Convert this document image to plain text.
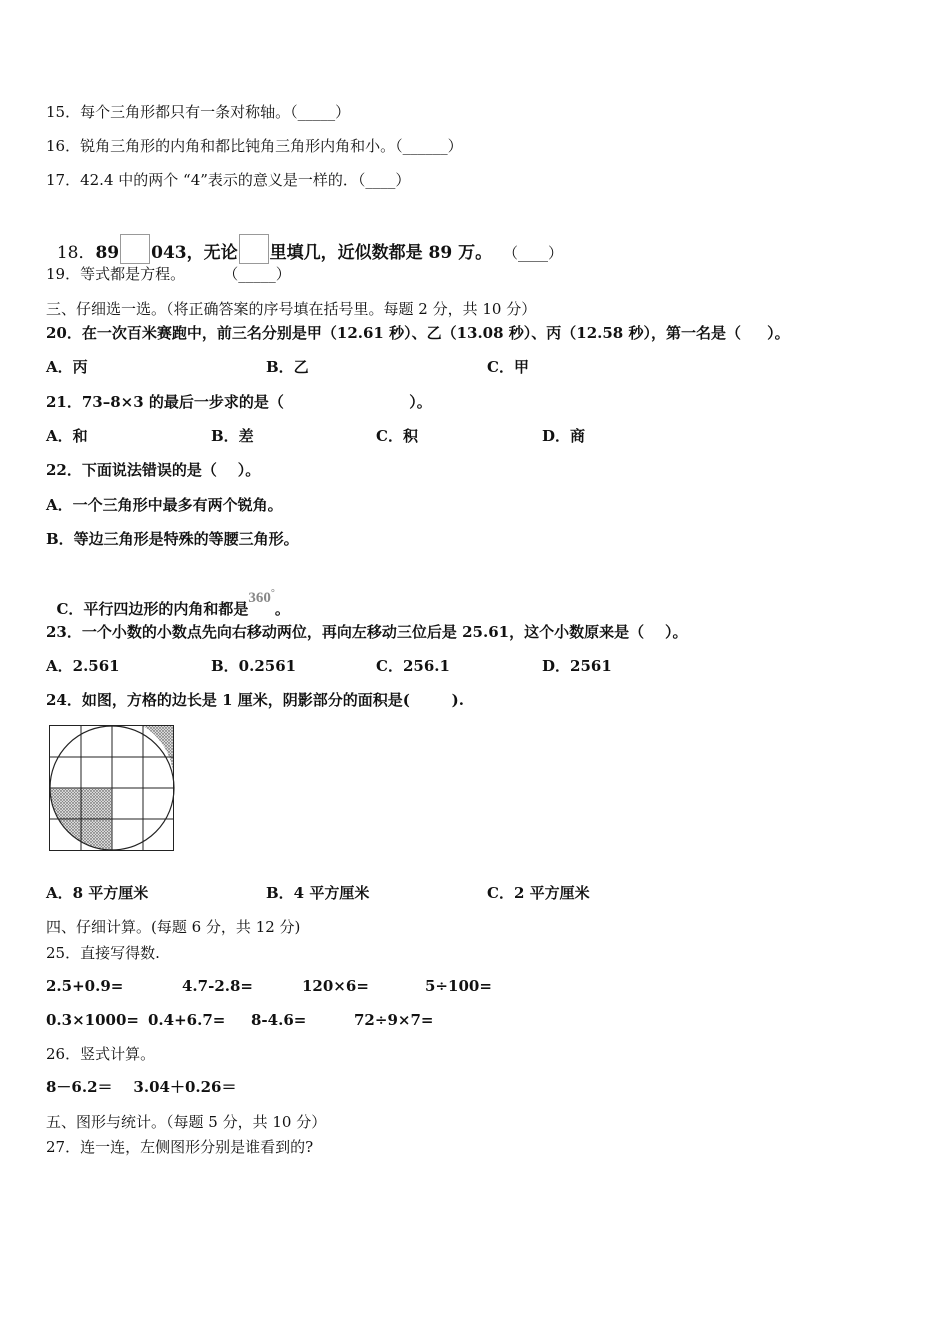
15．每个三角形都只有一条对称轴。（_____）
16．锐角三角形的内角和都比钝角三角形内角和小。（______）
17．42.4 中的两个 “4”表示的意义是一样的．（____）

18．89 043，无论 里填几，近似数都是 89 万。 （____）

19．等式都是方程。        （_____）
三、仔细选一选。（将正确答案的序号填在括号里。每题 2 分，共 10 分）
20．在一次百米赛跑中，前三名分别是甲（12.61 秒）、乙（13.08 秒）、丙（12.58 秒），第一名是（     ）。
A．丙	B．乙	C．甲
21．73–8×3 的最后一步求的是（                        ）。
A．和	B．差	C．积	D．商
22．下面说法错误的是（    ）。
A．一个三角形中最多有两个锐角。
B．等边三角形是特殊的等腰三角形。

C．平行四边形的内角和都是360°。

23．一个小数的小数点先向右移动两位，再向左移动三位后是 25.61，这个小数原来是（    ）。
A．2.561	B．0.2561	C．256.1	D．2561
24．如图，方格的边长是 1 厘米，阴影部分的面积是(        ).
A．8 平方厘米	B．4 平方厘米	C．2 平方厘米
四、仔细计算。(每题 6 分，共 12 分)
25．直接写得数.
2.5+0.9=	4.7-2.8=	120×6=	5÷100=
0.3×1000= 0.4+6.7= 8-4.6=	72÷9×7=
26．竖式计算。
8－6.2＝    3.04＋0.26＝
五、图形与统计。（每题 5 分，共 10 分）
27．连一连，左侧图形分别是谁看到的?
